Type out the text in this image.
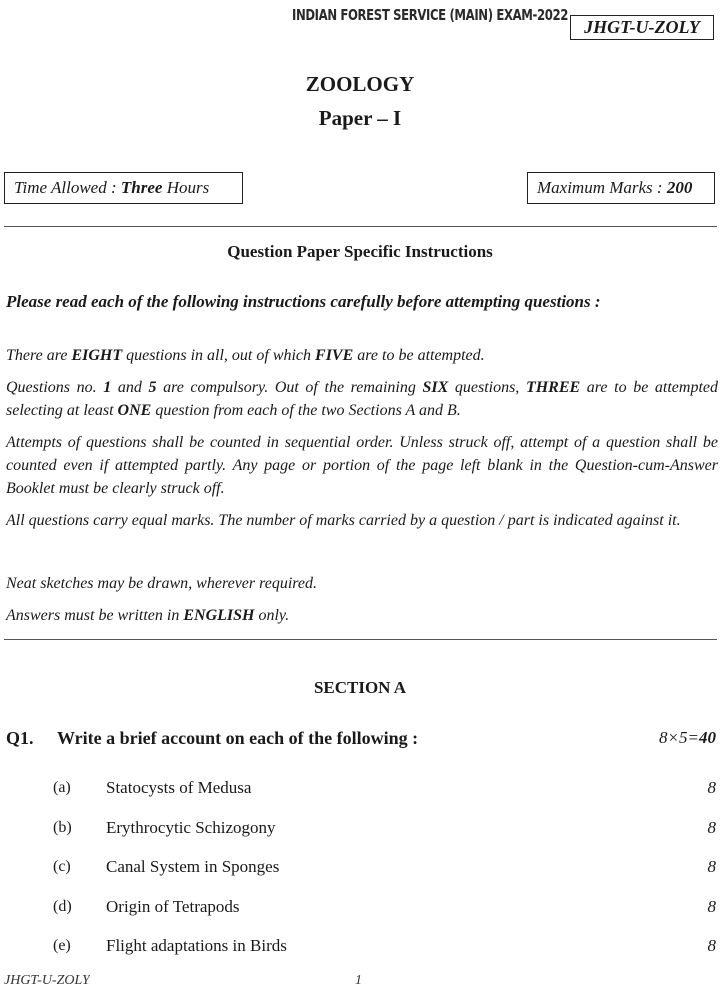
INDIAN FOREST SERVICE (MAIN) EXAM-2022
JHGT-U-ZOLY
ZOOLOGY
Paper – I
Time Allowed : Three Hours	Maximum Marks : 200
Question Paper Specific Instructions
Please read each of the following instructions carefully before attempting questions :
There are EIGHT questions in all, out of which FIVE are to be attempted.
Questions no. 1 and 5 are compulsory. Out of the remaining SIX questions, THREE are to be attempted selecting at least ONE question from each of the two Sections A and B.
Attempts of questions shall be counted in sequential order. Unless struck off, attempt of a question shall be counted even if attempted partly. Any page or portion of the page left blank in the Question-cum-Answer Booklet must be clearly struck off.
All questions carry equal marks. The number of marks carried by a question / part is indicated against it.
Neat sketches may be drawn, wherever required.
Answers must be written in ENGLISH only.
SECTION A
Q1. Write a brief account on each of the following :	8×5=40
(a) Statocysts of Medusa	8
(b) Erythrocytic Schizogony	8
(c) Canal System in Sponges	8
(d) Origin of Tetrapods	8
(e) Flight adaptations in Birds	8
JHGT-U-ZOLY	1
